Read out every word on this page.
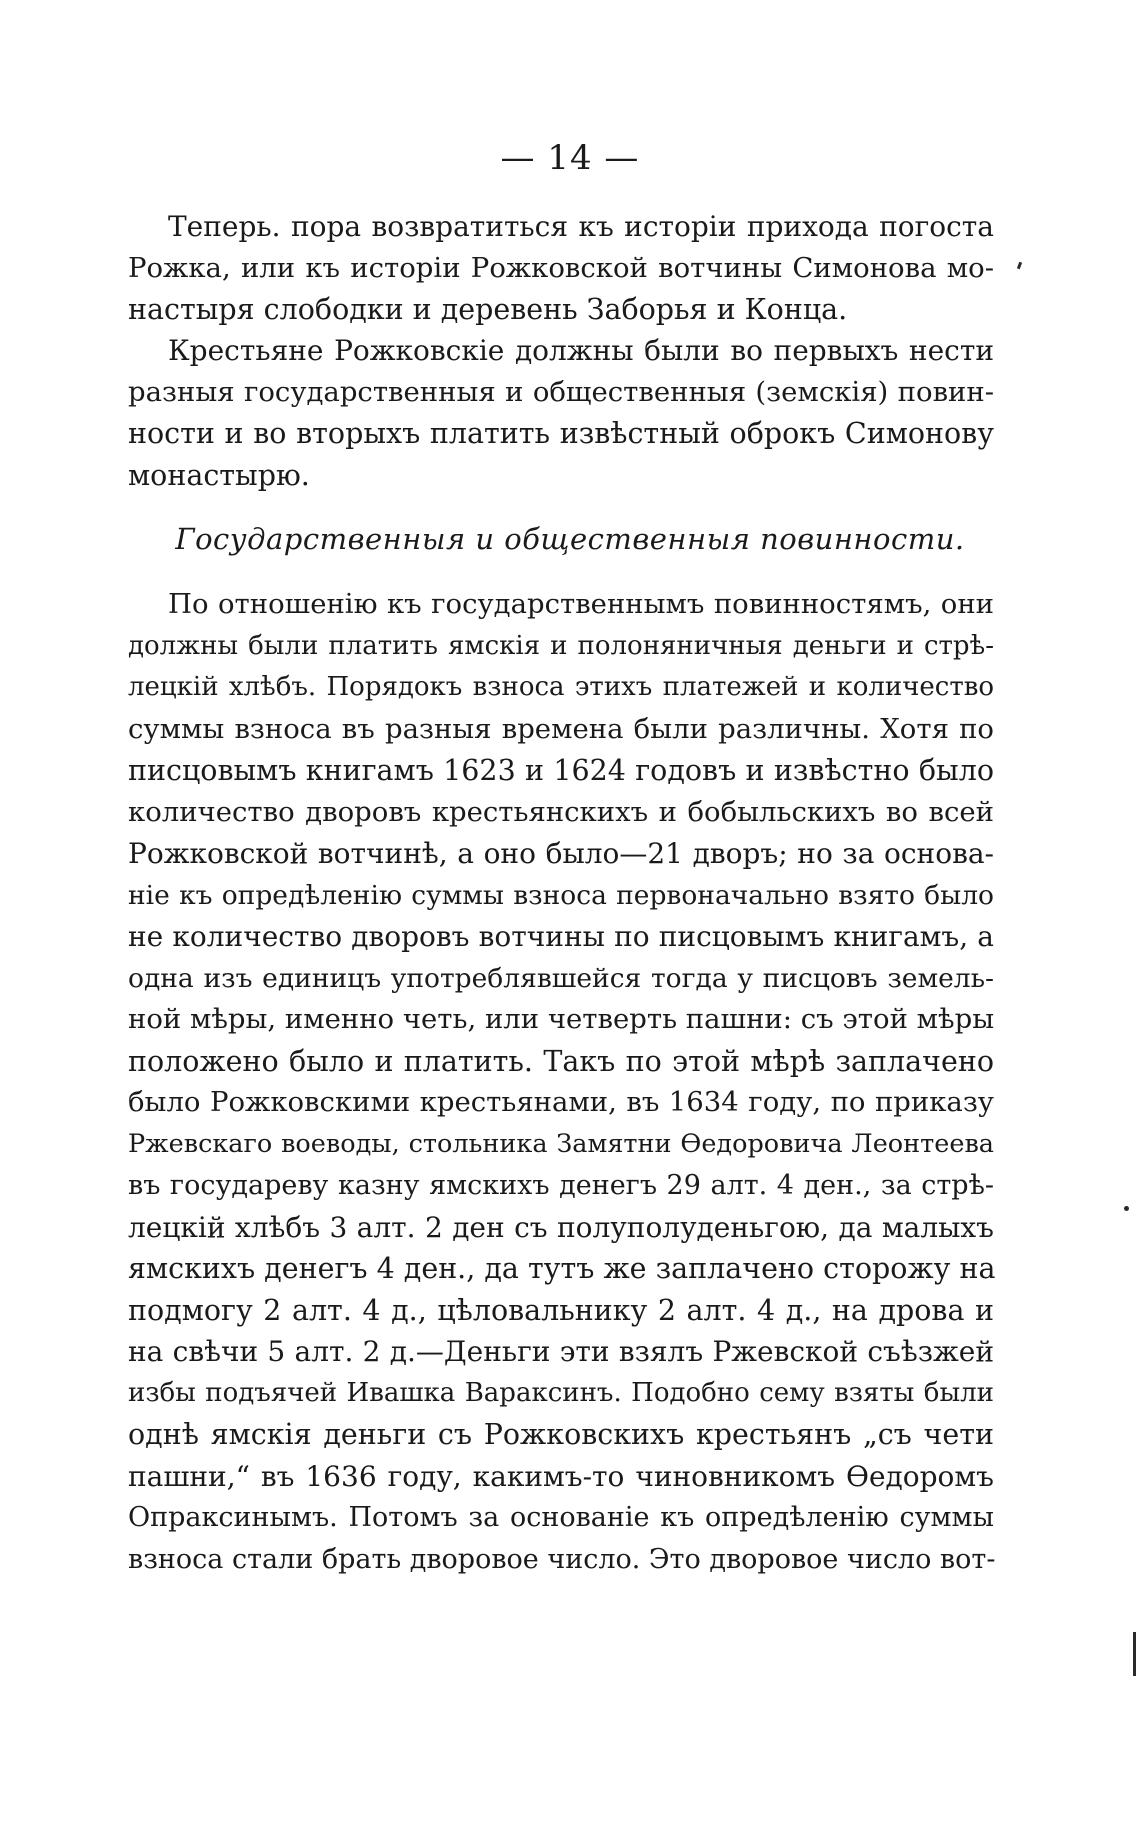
— 14 —
Теперь. пора возвратиться къ исторіи прихода погоста
Рожка, или къ исторіи Рожковской вотчины Симонова мо-
настыря слободки и деревень Заборья и Конца.
Крестьяне Рожковскіе должны были во первыхъ нести
разныя государственныя и общественныя (земскія) повин-
ности и во вторыхъ платить извѣстный оброкъ Симонову
монастырю.
Государственныя и общественныя повинности.
По отношенію къ государственнымъ повинностямъ, они
должны были платить ямскія и полоняничныя деньги и стрѣ-
лецкій хлѣбъ. Порядокъ взноса этихъ платежей и количество
суммы взноса въ разныя времена были различны. Хотя по
писцовымъ книгамъ 1623 и 1624 годовъ и извѣстно было
количество дворовъ крестьянскихъ и бобыльскихъ во всей
Рожковской вотчинѣ, а оно было—21 дворъ; но за основа-
ніе къ опредѣленію суммы взноса первоначально взято было
не количество дворовъ вотчины по писцовымъ книгамъ, а
одна изъ единицъ употреблявшейся тогда у писцовъ земель-
ной мѣры, именно четь, или четверть пашни: съ этой мѣры
положено было и платить. Такъ по этой мѣрѣ заплачено
было Рожковскими крестьянами, въ 1634 году, по приказу
Ржевскаго воеводы, стольника Замятни Өедоровича Леонтеева
въ государеву казну ямскихъ денегъ 29 алт. 4 ден., за стрѣ-
лецкій хлѣбъ 3 алт. 2 ден съ полуполуденьгою, да малыхъ
ямскихъ денегъ 4 ден., да тутъ же заплачено сторожу на
подмогу 2 алт. 4 д., цѣловальнику 2 алт. 4 д., на дрова и
на свѣчи 5 алт. 2 д.—Деньги эти взялъ Ржевской съѣзжей
избы подъячей Ивашка Вараксинъ. Подобно сему взяты были
однѣ ямскія деньги съ Рожковскихъ крестьянъ „съ чети
пашни,“ въ 1636 году, какимъ-то чиновникомъ Өедоромъ
Опраксинымъ. Потомъ за основаніе къ опредѣленію суммы
взноса стали брать дворовое число. Это дворовое число вот-
